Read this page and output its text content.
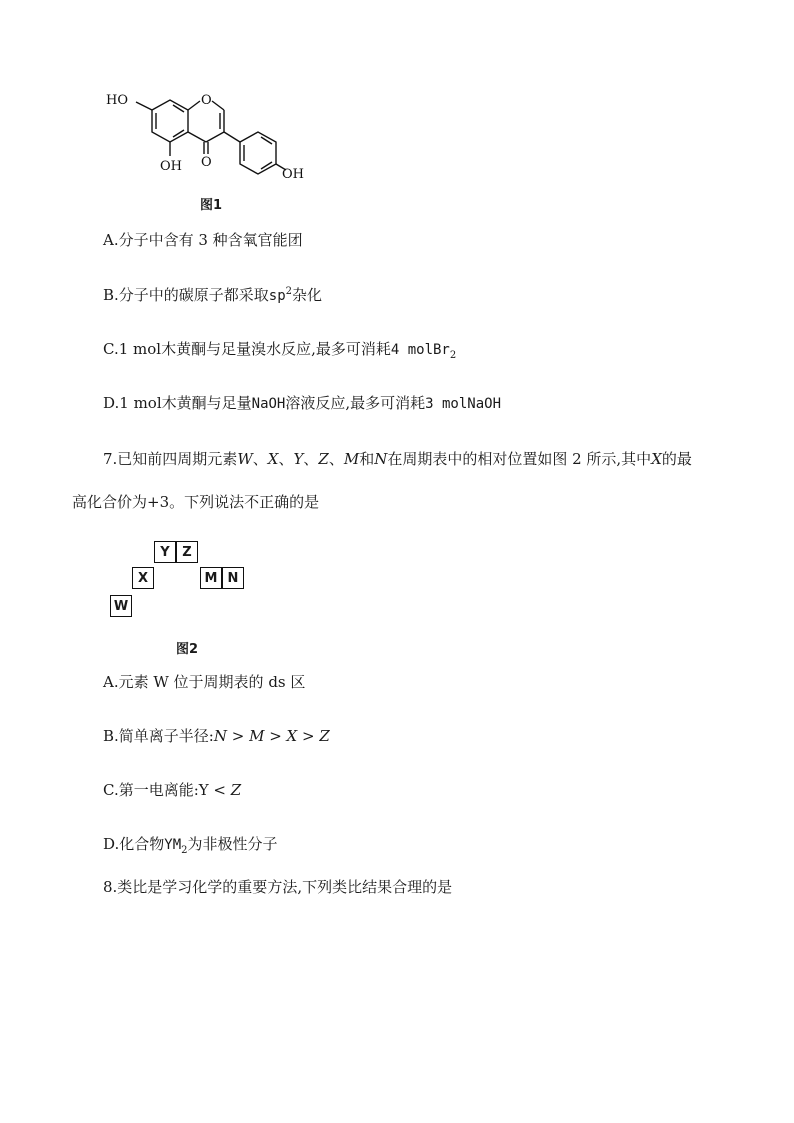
HO	O
O
OH
OH
图1
A.分子中含有 3 种含氧官能团
B.分子中的碳原子都采取$sp^2$杂化
C.1 mol木黄酮与足量溴水反应,最多可消耗4 molBr$_2$
D.1 mol木黄酮与足量NaOH溶液反应,最多可消耗3 molNaOH
7.已知前四周期元素W、X、Y、Z、M和N在周期表中的相对位置如图 2 所示,其中X的最
高化合价为+3。下列说法不正确的是
Y Z
X	M N
W
图2
A.元素 W 位于周期表的 ds 区
B.简单离子半径:N > M > X > Z
C.第一电离能:Y < Z
D.化合物$YM_2$为非极性分子
8.类比是学习化学的重要方法,下列类比结果合理的是
